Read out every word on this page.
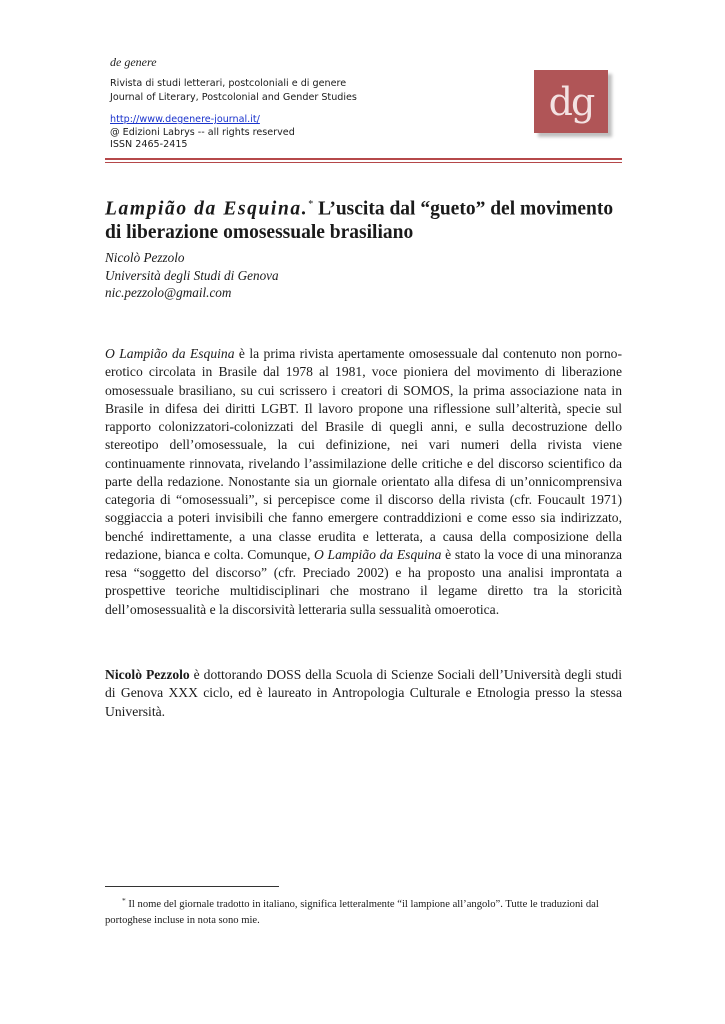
de genere
Rivista di studi letterari, postcoloniali e di genere
Journal of Literary, Postcolonial and Gender Studies
http://www.degenere-journal.it/
@ Edizioni Labrys -- all rights reserved
ISSN 2465-2415
dg
Lampião da Esquina.* L’uscita dal “gueto” del movimento di liberazione omosessuale brasiliano
Nicolò Pezzolo
Università degli Studi di Genova
nic.pezzolo@gmail.com

O Lampião da Esquina è la prima rivista apertamente omosessuale dal contenuto non porno-erotico circolata in Brasile dal 1978 al 1981, voce pioniera del movimento di liberazione omosessuale brasiliano, su cui scrissero i creatori di SOMOS, la prima associazione nata in Brasile in difesa dei diritti LGBT. Il lavoro propone una riflessione sull’alterità, specie sul rapporto colonizzatori-colonizzati del Brasile di quegli anni, e sulla decostruzione dello stereotipo dell’omosessuale, la cui definizione, nei vari numeri della rivista viene continuamente rinnovata, rivelando l’assimilazione delle critiche e del discorso scientifico da parte della redazione. Nonostante sia un giornale orientato alla difesa di un’onnicomprensiva categoria di “omosessuali”, si percepisce come il discorso della rivista (cfr. Foucault 1971) soggiaccia a poteri invisibili che fanno emergere contraddizioni e come esso sia indirizzato, benché indirettamente, a una classe erudita e letterata, a causa della composizione della redazione, bianca e colta. Comunque, O Lampião da Esquina è stato la voce di una minoranza resa “soggetto del discorso” (cfr. Preciado 2002) e ha proposto una analisi improntata a prospettive teoriche multidisciplinari che mostrano il legame diretto tra la storicità dell’omosessualità e la discorsività letteraria sulla sessualità omoerotica.

Nicolò Pezzolo è dottorando DOSS della Scuola di Scienze Sociali dell’Università degli studi di Genova XXX ciclo, ed è laureato in Antropologia Culturale e Etnologia presso la stessa Università.

* Il nome del giornale tradotto in italiano, significa letteralmente “il lampione all’angolo”. Tutte le traduzioni dal portoghese incluse in nota sono mie.
